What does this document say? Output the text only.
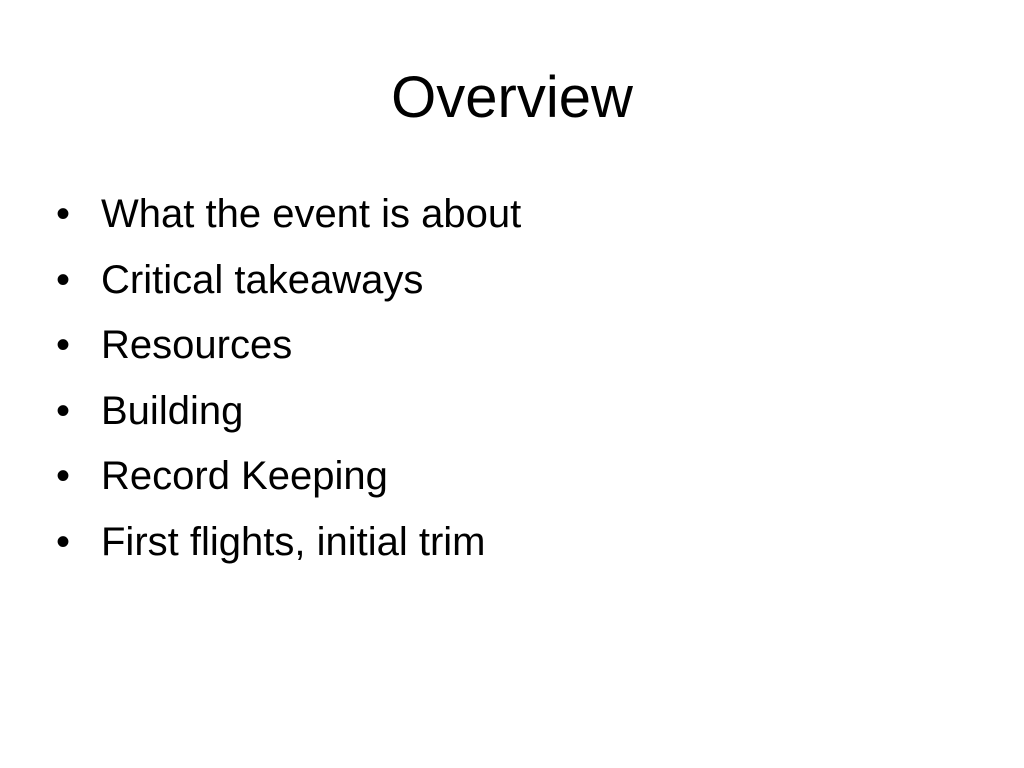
Overview
• What the event is about
• Critical takeaways
• Resources
• Building
• Record Keeping
• First flights, initial trim
